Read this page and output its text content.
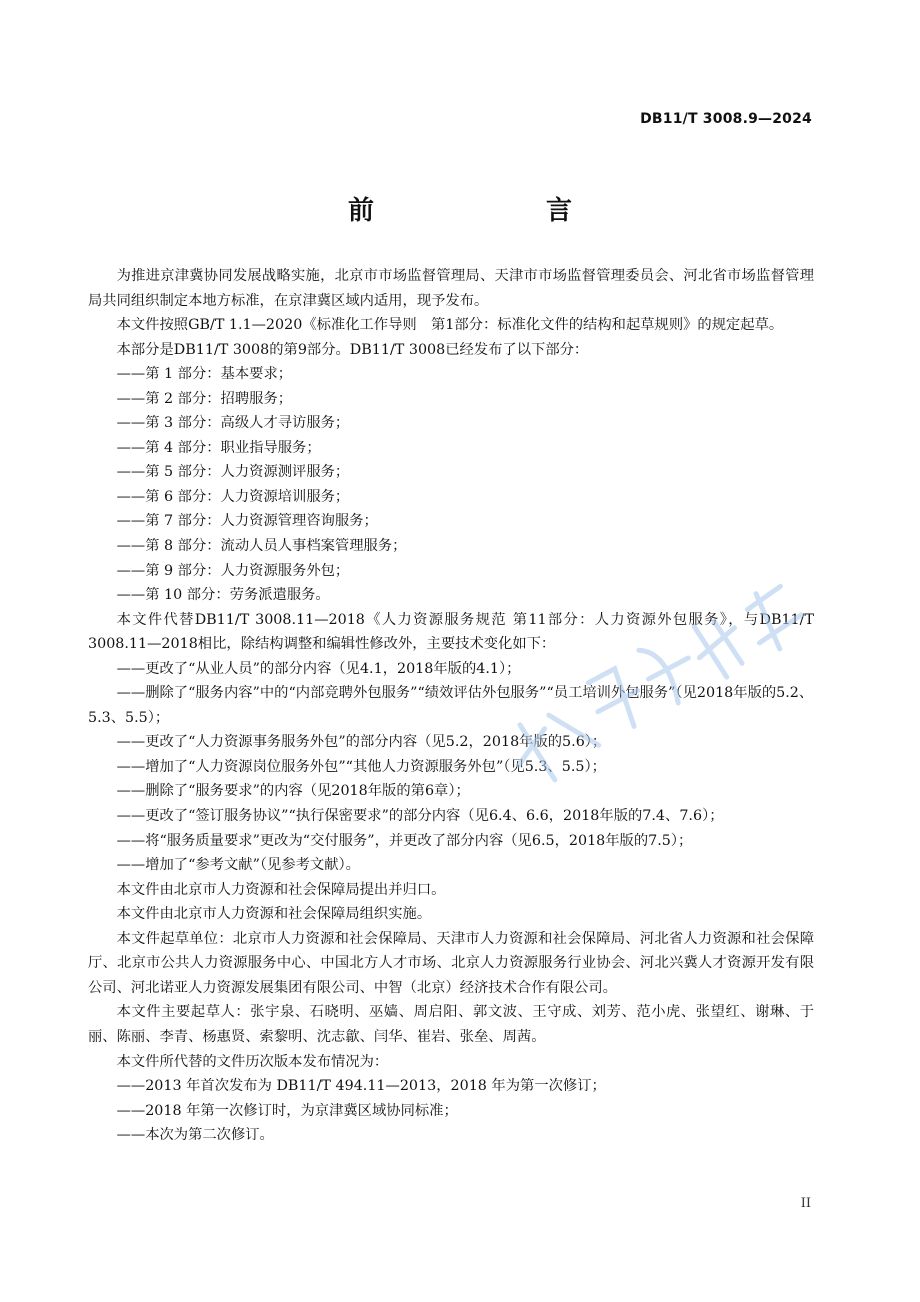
DB11/T 3008.9—2024
前　　言

为推进京津冀协同发展战略实施，北京市市场监督管理局、天津市市场监督管理委员会、河北省市场监督管理局共同组织制定本地方标准，在京津冀区域内适用，现予发布。

本文件按照GB/T 1.1—2020《标准化工作导则　第1部分：标准化文件的结构和起草规则》的规定起草。

本部分是DB11/T 3008的第9部分。DB11/T 3008已经发布了以下部分：

——第 1 部分：基本要求；

——第 2 部分：招聘服务；

——第 3 部分：高级人才寻访服务；

——第 4 部分：职业指导服务；

——第 5 部分：人力资源测评服务；

——第 6 部分：人力资源培训服务；

——第 7 部分：人力资源管理咨询服务；

——第 8 部分：流动人员人事档案管理服务；

——第 9 部分：人力资源服务外包；

——第 10 部分：劳务派遣服务。

本文件代替DB11/T 3008.11—2018《人力资源服务规范 第11部分：人力资源外包服务》，与DB11/T 3008.11—2018相比，除结构调整和编辑性修改外，主要技术变化如下：

——更改了“从业人员”的部分内容（见4.1，2018年版的4.1）；

——删除了“服务内容”中的“内部竞聘外包服务”“绩效评估外包服务”“员工培训外包服务”（见2018年版的5.2、5.3、5.5）；

——更改了“人力资源事务服务外包”的部分内容（见5.2，2018年版的5.6）；

——增加了“人力资源岗位服务外包”“其他人力资源服务外包”（见5.3、5.5）；

——删除了“服务要求”的内容（见2018年版的第6章）；

——更改了“签订服务协议”“执行保密要求”的部分内容（见6.4、6.6，2018年版的7.4、7.6）；

——将“服务质量要求”更改为“交付服务”，并更改了部分内容（见6.5，2018年版的7.5）；

——增加了“参考文献”（见参考文献）。

本文件由北京市人力资源和社会保障局提出并归口。

本文件由北京市人力资源和社会保障局组织实施。

本文件起草单位：北京市人力资源和社会保障局、天津市人力资源和社会保障局、河北省人力资源和社会保障厅、北京市公共人力资源服务中心、中国北方人才市场、北京人力资源服务行业协会、河北兴冀人才资源开发有限公司、河北诺亚人力资源发展集团有限公司、中智（北京）经济技术合作有限公司。

本文件主要起草人：张宇泉、石晓明、巫嫱、周启阳、郭文波、王守成、刘芳、范小虎、张望红、谢琳、于丽、陈丽、李青、杨惠贤、索黎明、沈志歙、闫华、崔岩、张垒、周茜。

本文件所代替的文件历次版本发布情况为：

——2013 年首次发布为 DB11/T 494.11—2013，2018 年为第一次修订；

——2018 年第一次修订时，为京津冀区域协同标准；

——本次为第二次修订。

II
